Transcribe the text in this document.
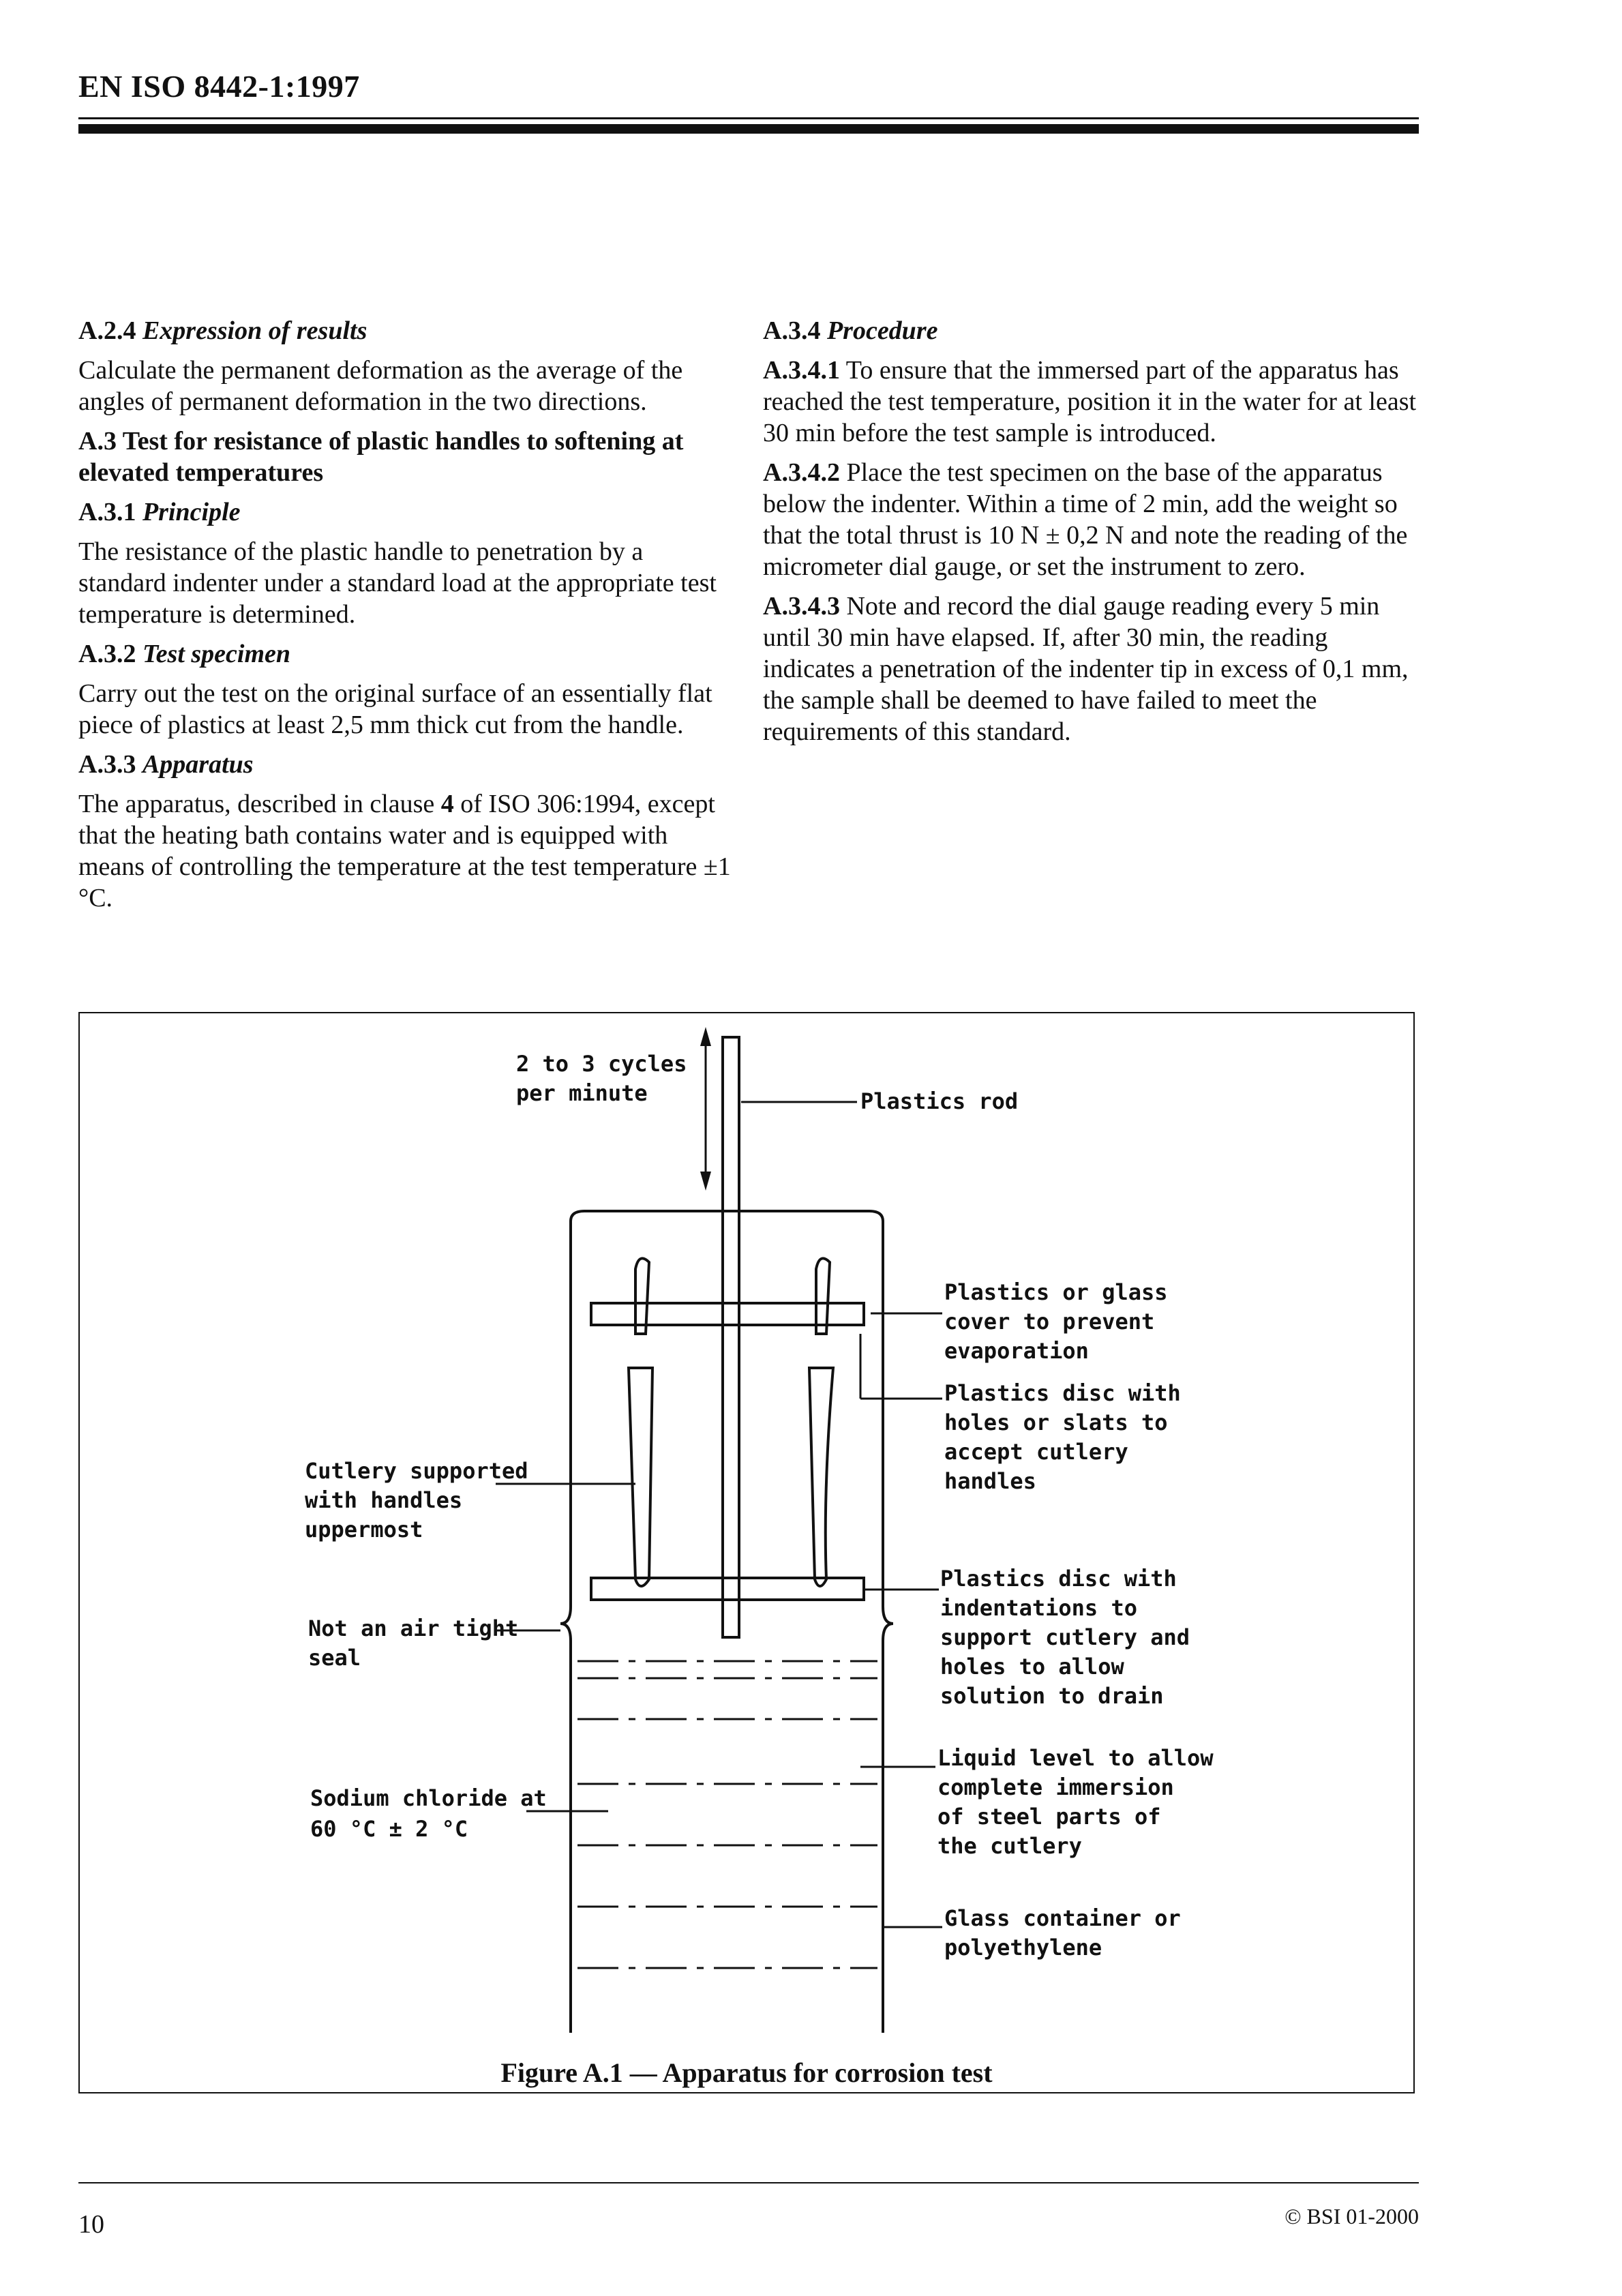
EN ISO 8442-1:1997
A.2.4 Expression of results

Calculate the permanent deformation as the average of the angles of permanent deformation in the two directions.

A.3 Test for resistance of plastic handles to softening at elevated temperatures
A.3.1 Principle

The resistance of the plastic handle to penetration by a standard indenter under a standard load at the appropriate test temperature is determined.

A.3.2 Test specimen

Carry out the test on the original surface of an essentially flat piece of plastics at least 2,5 mm thick cut from the handle.

A.3.3 Apparatus

The apparatus, described in clause 4 of ISO 306:1994, except that the heating bath contains water and is equipped with means of controlling the temperature at the test temperature ±1 °C.

A.3.4 Procedure

A.3.4.1 To ensure that the immersed part of the apparatus has reached the test temperature, position it in the water for at least 30 min before the test sample is introduced.

A.3.4.2 Place the test specimen on the base of the apparatus below the indenter. Within a time of 2 min, add the weight so that the total thrust is 10 N ± 0,2 N and note the reading of the micrometer dial gauge, or set the instrument to zero.

A.3.4.3 Note and record the dial gauge reading every 5 min until 30 min have elapsed. If, after 30 min, the reading indicates a penetration of the indenter tip in excess of 0,1 mm, the sample shall be deemed to have failed to meet the requirements of this standard.

2 to 3 cycles
per minute	Plastics rod
Plastics or glass
cover to prevent
evaporation
Plastics disc with
holes or slats to
accept cutlery
handles
Cutlery supported
with handles
uppermost
Plastics disc with
indentations to
support cutlery and
holes to allow
solution to drain
Not an air tight
seal
Liquid level to allow
complete immersion
of steel parts of
the cutlery
Sodium chloride at
60 °C ± 2 °C
Glass container or
polyethylene
Figure A.1 — Apparatus for corrosion test
10	© BSI 01-2000
